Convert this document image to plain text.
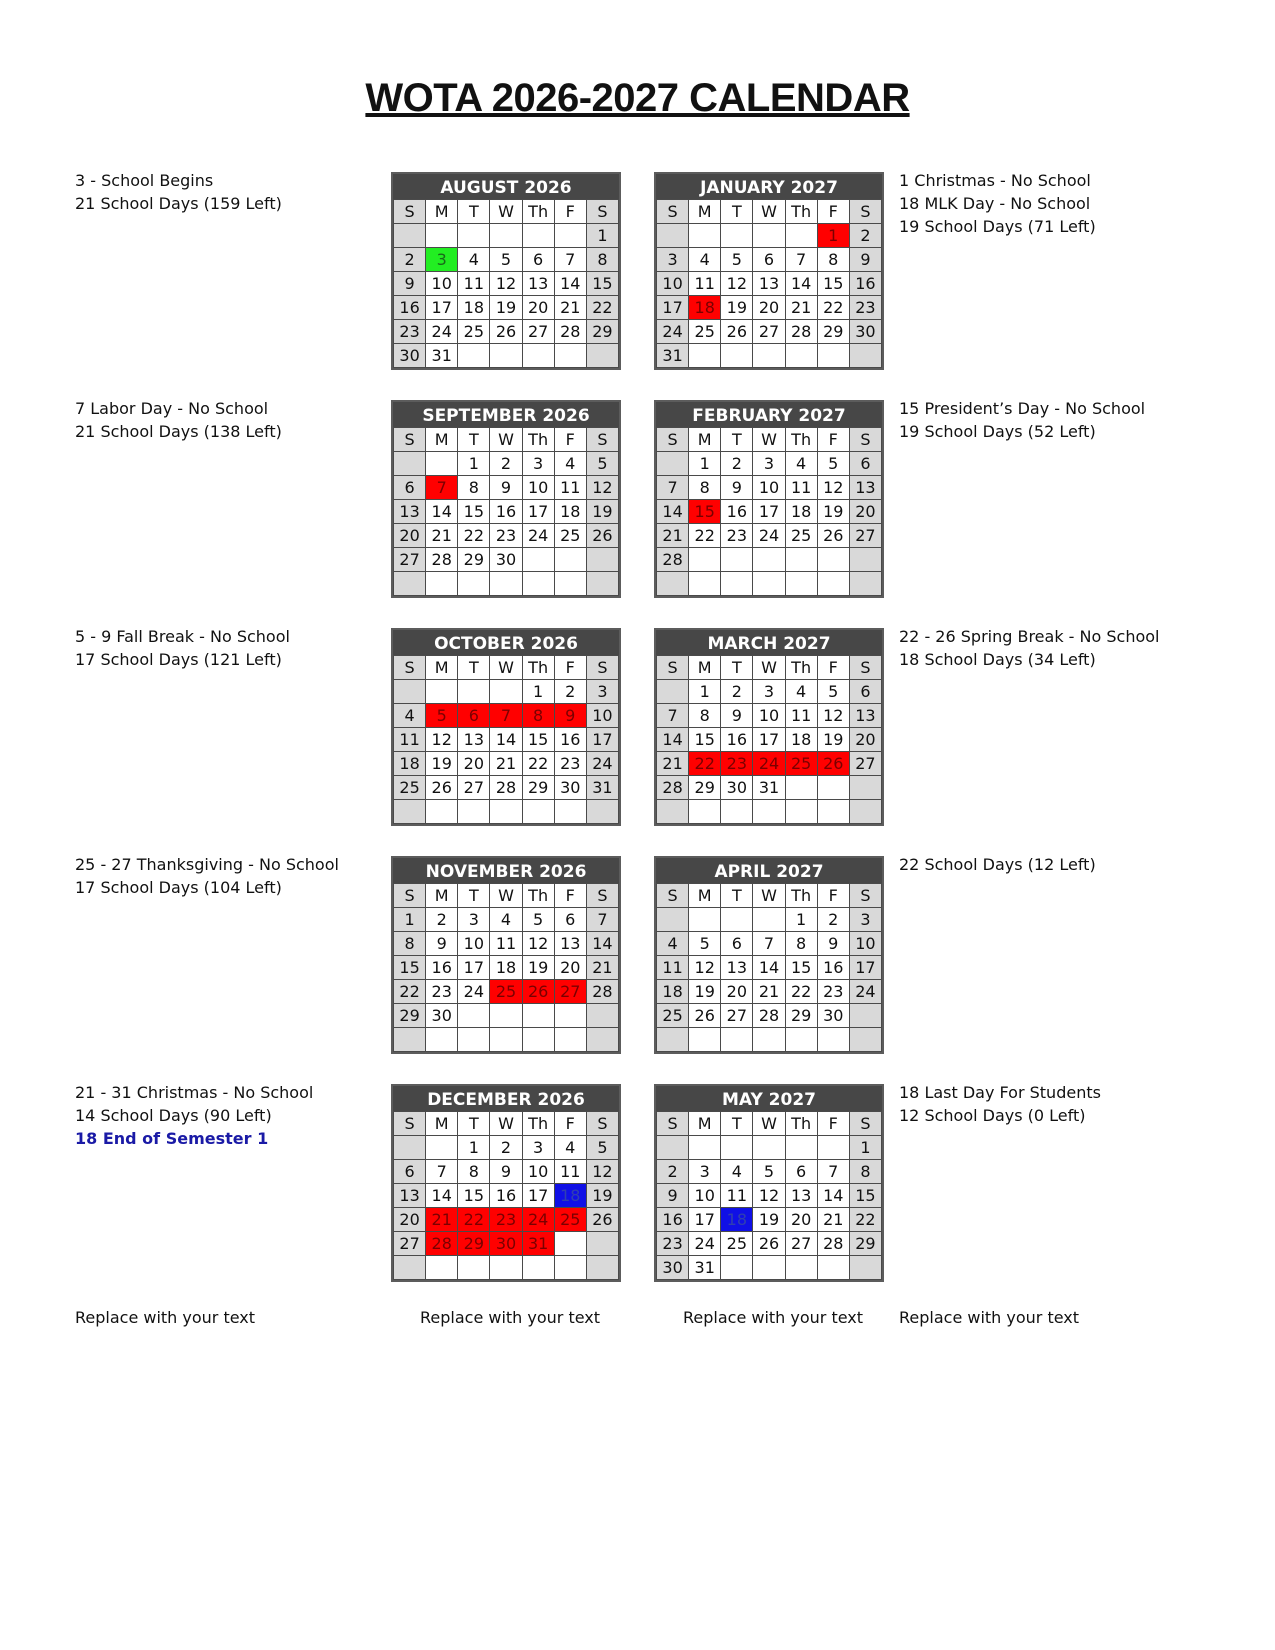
WOTA 2026-2027 CALENDAR
3 - School Begins
21 School Days (159 Left)
AUGUST 2026
S	M	T	W	Th	F	S
						1
2	3	4	5	6	7	8
9	10	11	12	13	14	15
16	17	18	19	20	21	22
23	24	25	26	27	28	29
30	31					
JANUARY 2027
S	M	T	W	Th	F	S
					1	2
3	4	5	6	7	8	9
10	11	12	13	14	15	16
17	18	19	20	21	22	23
24	25	26	27	28	29	30
31						
1 Christmas - No School
18 MLK Day - No School
19 School Days (71 Left)
7 Labor Day - No School
21 School Days (138 Left)
SEPTEMBER 2026
S	M	T	W	Th	F	S
		1	2	3	4	5
6	7	8	9	10	11	12
13	14	15	16	17	18	19
20	21	22	23	24	25	26
27	28	29	30			

FEBRUARY 2027
S	M	T	W	Th	F	S
	1	2	3	4	5	6
7	8	9	10	11	12	13
14	15	16	17	18	19	20
21	22	23	24	25	26	27
28						

15 President’s Day - No School
19 School Days (52 Left)
5 - 9 Fall Break - No School
17 School Days (121 Left)
OCTOBER 2026
S	M	T	W	Th	F	S
				1	2	3
4	5	6	7	8	9	10
11	12	13	14	15	16	17
18	19	20	21	22	23	24
25	26	27	28	29	30	31

MARCH 2027
S	M	T	W	Th	F	S
	1	2	3	4	5	6
7	8	9	10	11	12	13
14	15	16	17	18	19	20
21	22	23	24	25	26	27
28	29	30	31			

22 - 26 Spring Break - No School
18 School Days (34 Left)
25 - 27 Thanksgiving - No School
17 School Days (104 Left)
NOVEMBER 2026
S	M	T	W	Th	F	S
1	2	3	4	5	6	7
8	9	10	11	12	13	14
15	16	17	18	19	20	21
22	23	24	25	26	27	28
29	30					

APRIL 2027
S	M	T	W	Th	F	S
				1	2	3
4	5	6	7	8	9	10
11	12	13	14	15	16	17
18	19	20	21	22	23	24
25	26	27	28	29	30	

22 School Days (12 Left)
21 - 31 Christmas - No School
14 School Days (90 Left)
18 End of Semester 1
DECEMBER 2026
S	M	T	W	Th	F	S
		1	2	3	4	5
6	7	8	9	10	11	12
13	14	15	16	17	18	19
20	21	22	23	24	25	26
27	28	29	30	31		

MAY 2027
S	M	T	W	Th	F	S
						1
2	3	4	5	6	7	8
9	10	11	12	13	14	15
16	17	18	19	20	21	22
23	24	25	26	27	28	29
30	31					
18 Last Day For Students
12 School Days (0 Left)
Replace with your text	Replace with your text	Replace with your text Replace with your text
